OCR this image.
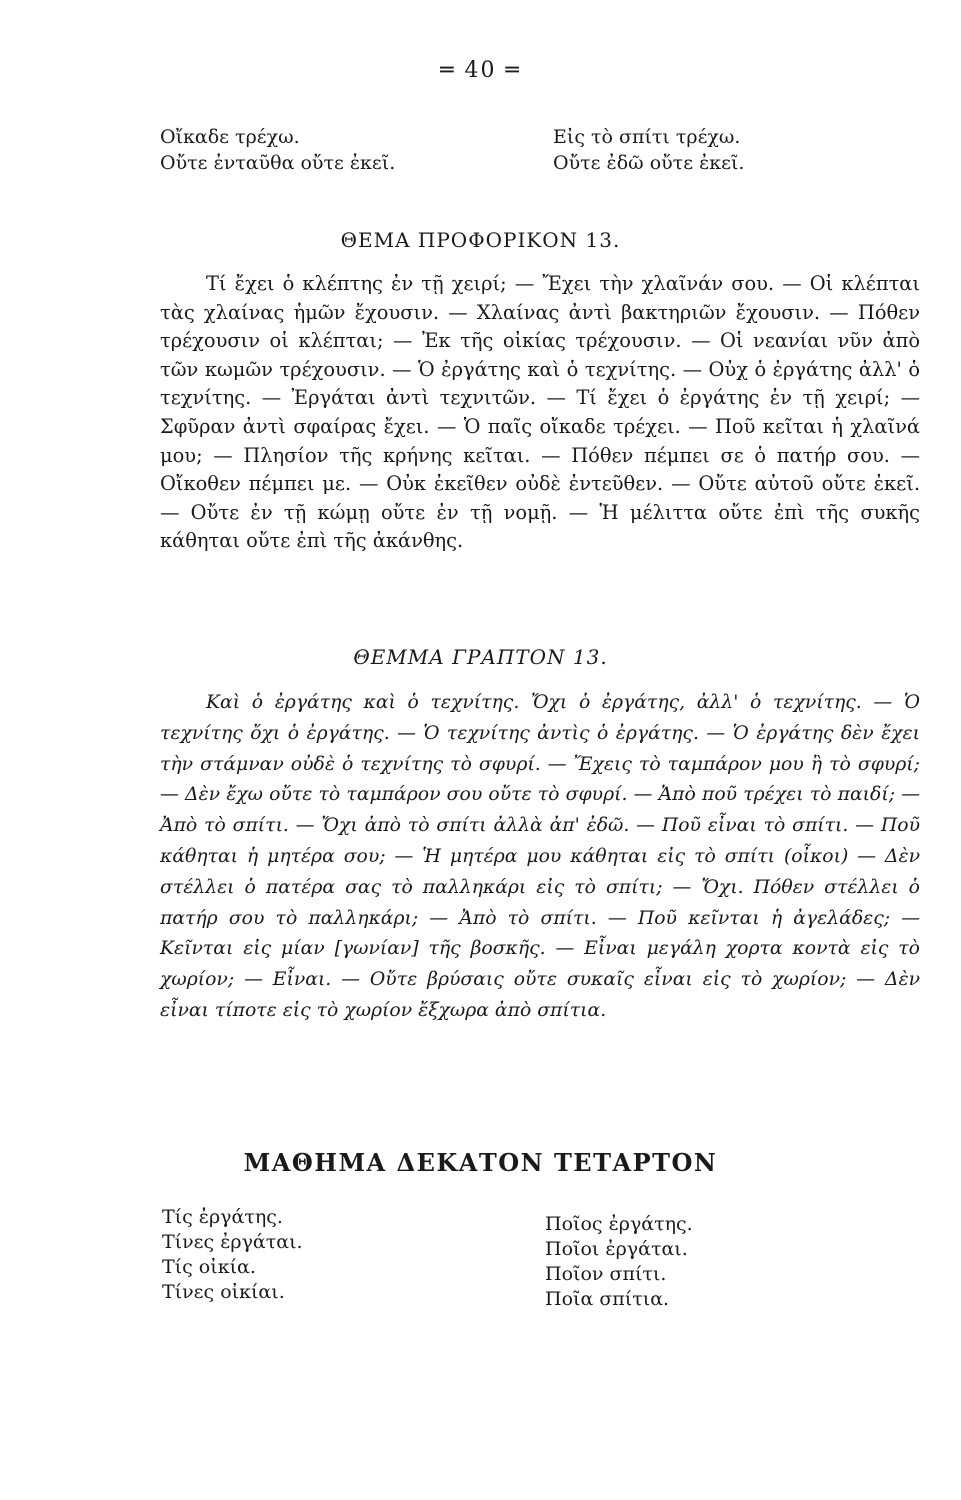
═ 40 ═
Οἴκαδε τρέχω.
Οὔτε ἐνταῦθα οὔτε ἐκεῖ.
Εἰς τὸ σπίτι τρέχω.
Οὔτε ἐδῶ οὔτε ἐκεῖ.
ΘΕΜΑ ΠΡΟΦΟΡΙΚΟΝ 13.
Τί ἔχει ὁ κλέπτης ἐν τῇ χειρί; — Ἔχει τὴν χλαῖνάν σου. — Οἱ κλέπται τὰς χλαίνας ἡμῶν ἔχουσιν. — Χλαίνας ἀντὶ βακτηριῶν ἔχουσιν. — Πόθεν τρέχουσιν οἱ κλέπται; — Ἐκ τῆς οἰκίας τρέχουσιν. — Οἱ νεανίαι νῦν ἀπὸ τῶν κωμῶν τρέχουσιν. — Ὁ ἐργάτης καὶ ὁ τεχνίτης. — Οὐχ ὁ ἐργάτης ἀλλ' ὁ τεχνίτης. — Ἐργάται ἀντὶ τεχνιτῶν. — Τί ἔχει ὁ ἐργάτης ἐν τῇ χειρί; — Σφῦραν ἀντὶ σφαίρας ἔχει. — Ὁ παῖς οἴκαδε τρέχει. — Ποῦ κεῖται ἡ χλαῖνά μου; — Πλησίον τῆς κρήνης κεῖται. — Πόθεν πέμπει σε ὁ πατήρ σου. — Οἴκοθεν πέμπει με. — Οὐκ ἐκεῖθεν οὐδὲ ἐντεῦθεν. — Οὔτε αὐτοῦ οὔτε ἐκεῖ. — Οὔτε ἐν τῇ κώμῃ οὔτε ἐν τῇ νομῇ. — Ἡ μέλιττα οὔτε ἐπὶ τῆς συκῆς κάθηται οὔτε ἐπὶ τῆς ἀκάνθης.
ΘΕΜΜΑ ΓΡΑΠΤΟΝ 13.
Καὶ ὁ ἐργάτης καὶ ὁ τεχνίτης. Ὄχι ὁ ἐργάτης, ἀλλ' ὁ τεχνίτης. — Ὁ τεχνίτης ὄχι ὁ ἐργάτης. — Ὁ τεχνίτης ἀντὶς ὁ ἐργάτης. — Ὁ ἐργάτης δὲν ἔχει τὴν στάμναν οὐδὲ ὁ τεχνίτης τὸ σφυρί. — Ἔχεις τὸ ταμπάρον μου ἢ τὸ σφυρί; — Δὲν ἔχω οὔτε τὸ ταμπάρον σου οὔτε τὸ σφυρί. — Ἀπὸ ποῦ τρέχει τὸ παιδί; — Ἀπὸ τὸ σπίτι. — Ὄχι ἀπὸ τὸ σπίτι ἀλλὰ ἀπ' ἐδῶ. — Ποῦ εἶναι τὸ σπίτι. — Ποῦ κάθηται ἡ μητέρα σου; — Ἡ μητέρα μου κάθηται εἰς τὸ σπίτι (οἶκοι) — Δὲν στέλλει ὁ πατέρα σας τὸ παλληκάρι εἰς τὸ σπίτι; — Ὄχι. Πόθεν στέλλει ὁ πατήρ σου τὸ παλληκάρι; — Ἀπὸ τὸ σπίτι. — Ποῦ κεῖνται ἡ ἀγελάδες; — Κεῖνται εἰς μίαν [γωνίαν] τῆς βοσκῆς. — Εἶναι μεγάλη χορτα κοντὰ εἰς τὸ χωρίον; — Εἶναι. — Οὔτε βρύσαις οὔτε συκαῖς εἶναι εἰς τὸ χωρίον; — Δὲν εἶναι τίποτε εἰς τὸ χωρίον ἔξχωρα ἀπὸ σπίτια.
ΜΑΘΗΜΑ ΔΕΚΑΤΟΝ ΤΕΤΑΡΤΟΝ
Τίς ἐργάτης.
Τίνες ἐργάται.
Τίς οἰκία.
Τίνες οἰκίαι.
Ποῖος ἐργάτης.
Ποῖοι ἐργάται.
Ποῖον σπίτι.
Ποῖα σπίτια.
